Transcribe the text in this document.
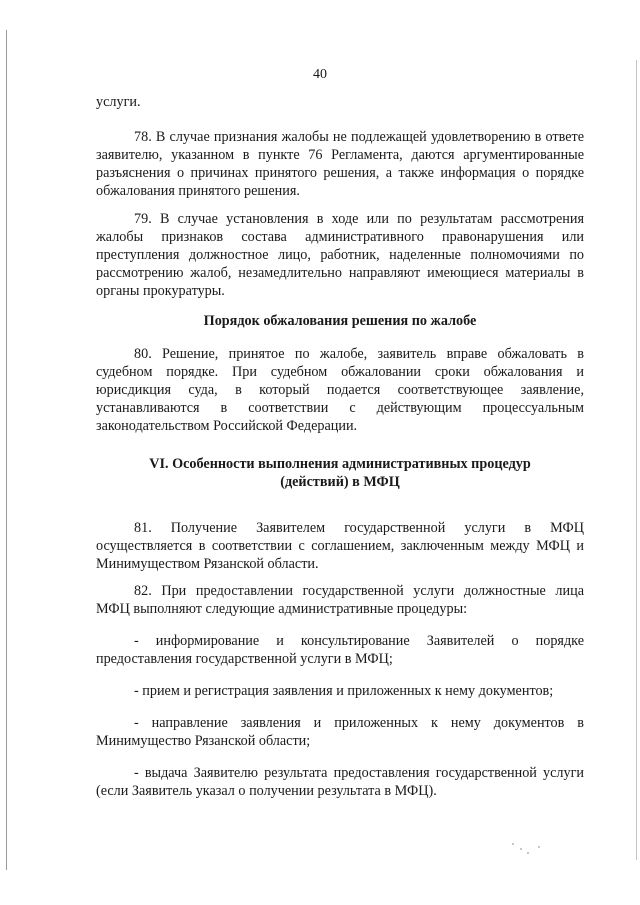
40
услуги.
78. В случае признания жалобы не подлежащей удовлетворению в ответе заявителю, указанном в пункте 76 Регламента, даются аргументированные разъяснения о причинах принятого решения, а также информация о порядке обжалования принятого решения.
79. В случае установления в ходе или по результатам рассмотрения жалобы признаков состава административного правонарушения или преступления должностное лицо, работник, наделенные полномочиями по рассмотрению жалоб, незамедлительно направляют имеющиеся материалы в органы прокуратуры.
Порядок обжалования решения по жалобе
80. Решение, принятое по жалобе, заявитель вправе обжаловать в судебном порядке. При судебном обжаловании сроки обжалования и юрисдикция суда, в который подается соответствующее заявление, устанавливаются в соответствии с действующим процессуальным законодательством Российской Федерации.
VI. Особенности выполнения административных процедур
(действий) в МФЦ
81. Получение Заявителем государственной услуги в МФЦ осуществляется в соответствии с соглашением, заключенным между МФЦ и Минимуществом Рязанской области.
82. При предоставлении государственной услуги должностные лица МФЦ выполняют следующие административные процедуры:
- информирование и консультирование Заявителей о порядке предоставления государственной услуги в МФЦ;
- прием и регистрация заявления и приложенных к нему документов;
- направление заявления и приложенных к нему документов в Минимущество Рязанской области;
- выдача Заявителю результата предоставления государственной услуги (если Заявитель указал о получении результата в МФЦ).
